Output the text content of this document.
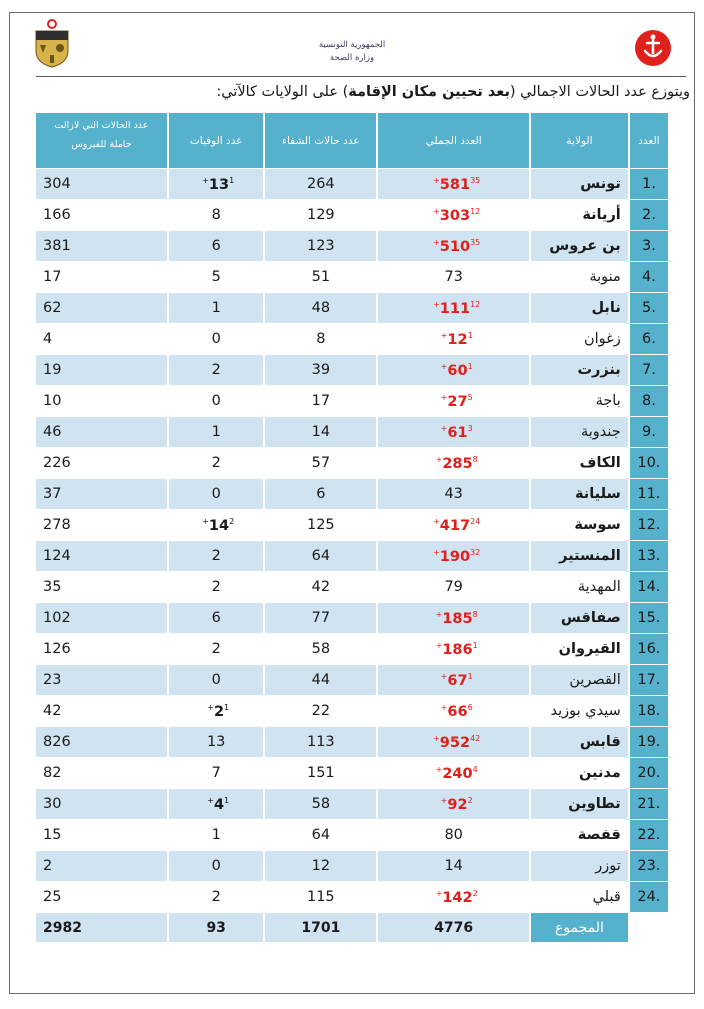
الجمهورية التونسية
وزارة الصحة
ويتوزع عدد الحالات الاجمالي (بعد تحيين مكان الإقامة) على الولايات كالآتي:
العدد	الولاية	العدد الجملي	عدد حالات الشفاء	عدد الوفيات	عدد الحالات التي لازالت
حاملة للفيروس

.1	تونس	$581^{35+}$	264	$13^{1+}$	304
.2	أريانة	$303^{12+}$	129	8	166
.3	بن عروس	$510^{35+}$	123	6	381
.4	منوبة	73	51	5	17
.5	نابل	$111^{12+}$	48	1	62
.6	زغوان	$12^{1+}$	8	0	4
.7	بنزرت	$60^{1+}$	39	2	19
.8	باجة	$27^{5+}$	17	0	10
.9	جندوبة	$61^{3+}$	14	1	46
.10	الكاف	$285^{8+}$	57	2	226
.11	سليانة	43	6	0	37
.12	سوسة	$417^{24+}$	125	$14^{2+}$	278
.13	المنستير	$190^{32+}$	64	2	124
.14	المهدية	79	42	2	35
.15	صفاقس	$185^{8+}$	77	6	102
.16	القيروان	$186^{1+}$	58	2	126
.17	القصرين	$67^{1+}$	44	0	23
.18	سيدي بوزيد	$66^{6+}$	22	$2^{1+}$	42
.19	قابس	$952^{42+}$	113	13	826
.20	مدنين	$240^{4+}$	151	7	82
.21	تطاوين	$92^{2+}$	58	$4^{1+}$	30
.22	قفصة	80	64	1	15
.23	توزر	14	12	0	2
.24	قبلي	$142^{2+}$	115	2	25
	المجموع	4776	1701	93	2982
